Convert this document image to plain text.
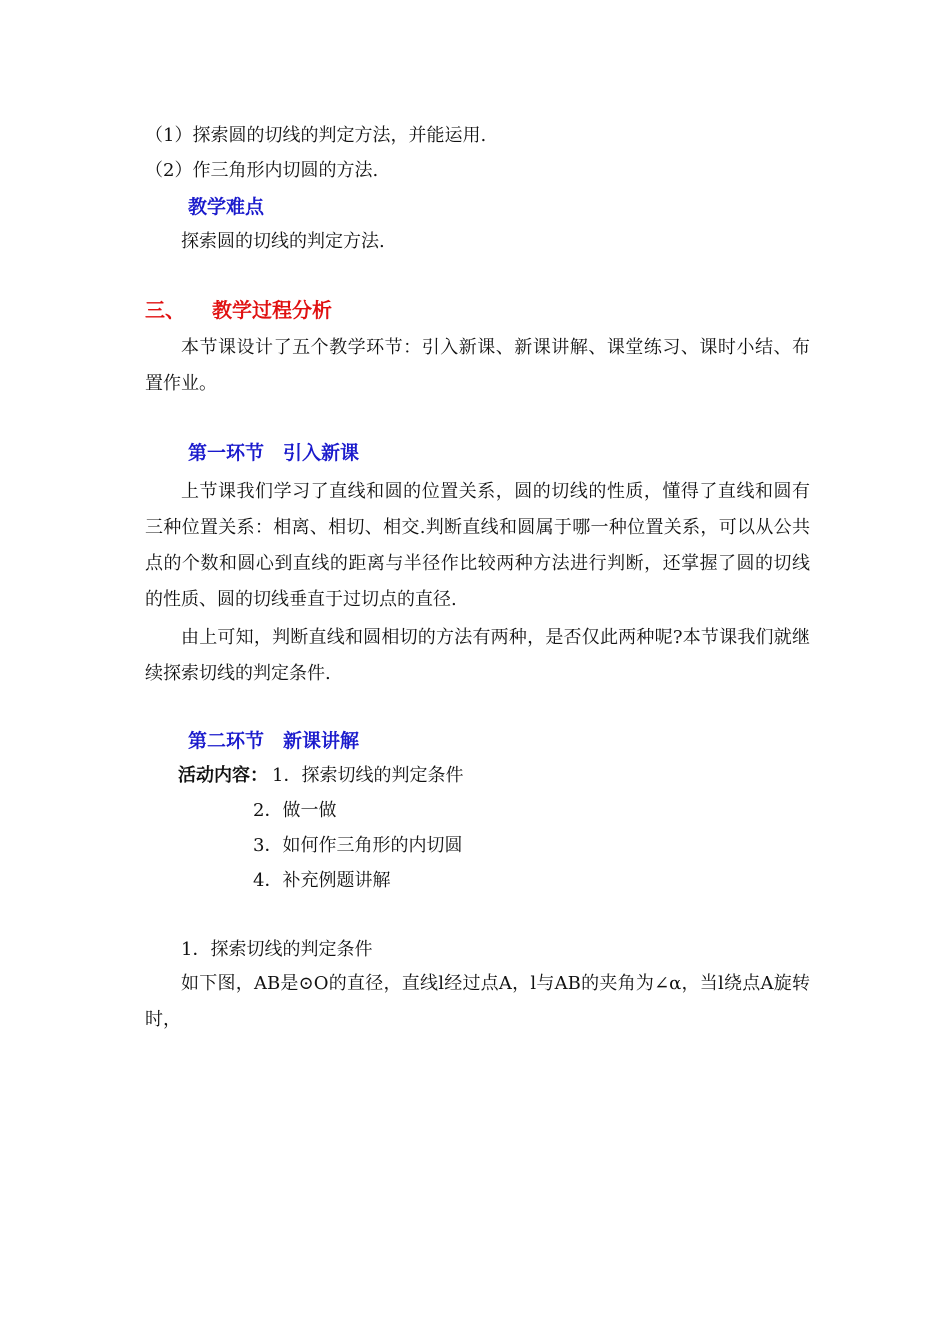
（1）探索圆的切线的判定方法，并能运用.
（2）作三角形内切圆的方法.
教学难点
探索圆的切线的判定方法.
三、 教学过程分析
本节课设计了五个教学环节：引入新课、新课讲解、课堂练习、课时小结、布置作业。
第一环节　引入新课
上节课我们学习了直线和圆的位置关系，圆的切线的性质，懂得了直线和圆有三种位置关系：相离、相切、相交.判断直线和圆属于哪一种位置关系，可以从公共点的个数和圆心到直线的距离与半径作比较两种方法进行判断，还掌握了圆的切线的性质、圆的切线垂直于过切点的直径.
由上可知，判断直线和圆相切的方法有两种，是否仅此两种呢?本节课我们就继续探索切线的判定条件.
第二环节　新课讲解
活动内容： 1．探索切线的判定条件
2．做一做
3．如何作三角形的内切圆
4．补充例题讲解
1．探索切线的判定条件
如下图，AB是⊙O的直径，直线l经过点A，l与AB的夹角为∠α，当l绕点A旋转时，
